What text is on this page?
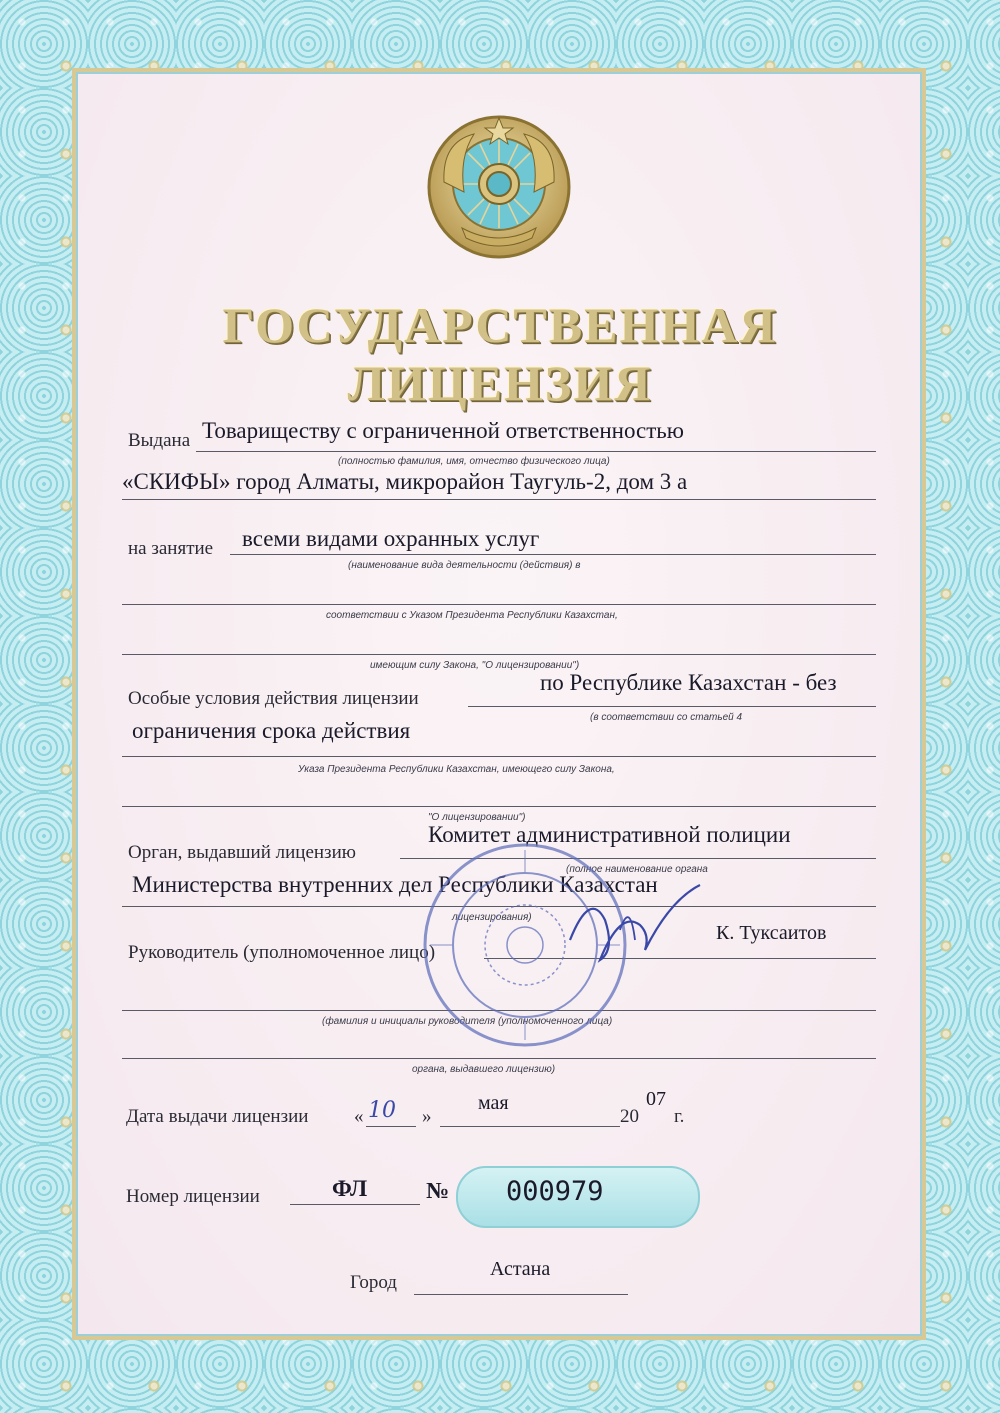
ГОСУДАРСТВЕННАЯ ЛИЦЕНЗИЯ
Выдана Товариществу с ограниченной ответственностью
(полностью фамилия, имя, отчество физического лица)
«СКИФЫ» город Алматы, микрорайон Таугуль-2, дом 3 а
на занятие всеми видами охранных услуг
(наименование вида деятельности (действия) в
соответствии с Указом Президента Республики Казахстан,
имеющим силу Закона, "О лицензировании")
Особые условия действия лицензии
по Республике Казахстан - без
(в соответствии со статьей 4
ограничения срока действия
Указа Президента Республики Казахстан, имеющего силу Закона,
"О лицензировании")
Орган, выдавший лицензию
Комитет административной полиции
(полное наименование органа
Министерства внутренних дел Республики Казахстан
лицензирования)
Руководитель (уполномоченное лицо)
К. Туксаитов
(фамилия и инициалы руководителя (уполномоченного лица)
органа, выдавшего лицензию)
Дата выдачи лицензии « 10 »
мая
20
07
г.
Номер лицензии	ФЛ	№ 000979
Город
Астана
